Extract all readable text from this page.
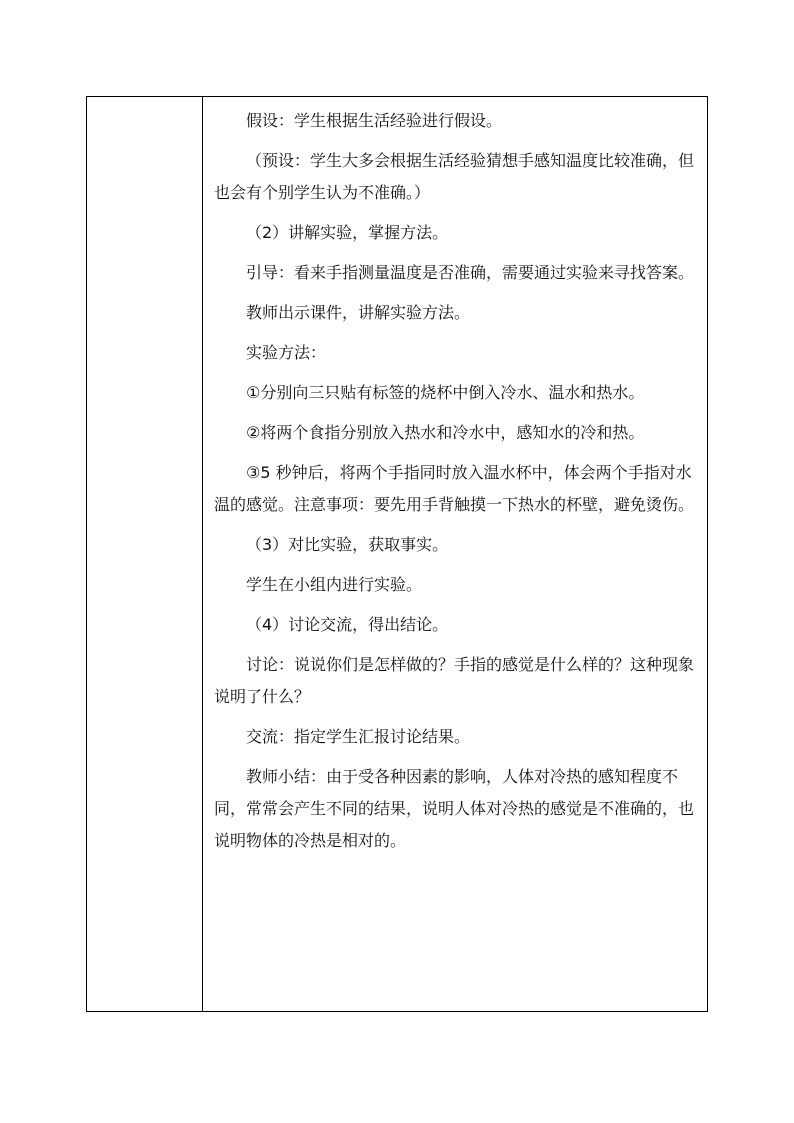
假设：学生根据生活经验进行假设。

（预设：学生大多会根据生活经验猜想手感知温度比较准确，但也会有个别学生认为不准确。）

（2）讲解实验，掌握方法。

引导：看来手指测量温度是否准确，需要通过实验来寻找答案。

教师出示课件，讲解实验方法。

实验方法：

①分别向三只贴有标签的烧杯中倒入冷水、温水和热水。

②将两个食指分别放入热水和冷水中，感知水的冷和热。

③5 秒钟后，将两个手指同时放入温水杯中，体会两个手指对水温的感觉。注意事项：要先用手背触摸一下热水的杯壁，避免烫伤。

（3）对比实验，获取事实。

学生在小组内进行实验。

（4）讨论交流，得出结论。

讨论：说说你们是怎样做的？手指的感觉是什么样的？这种现象说明了什么？

交流：指定学生汇报讨论结果。

教师小结：由于受各种因素的影响，人体对冷热的感知程度不同，常常会产生不同的结果，说明人体对冷热的感觉是不准确的，也说明物体的冷热是相对的。
